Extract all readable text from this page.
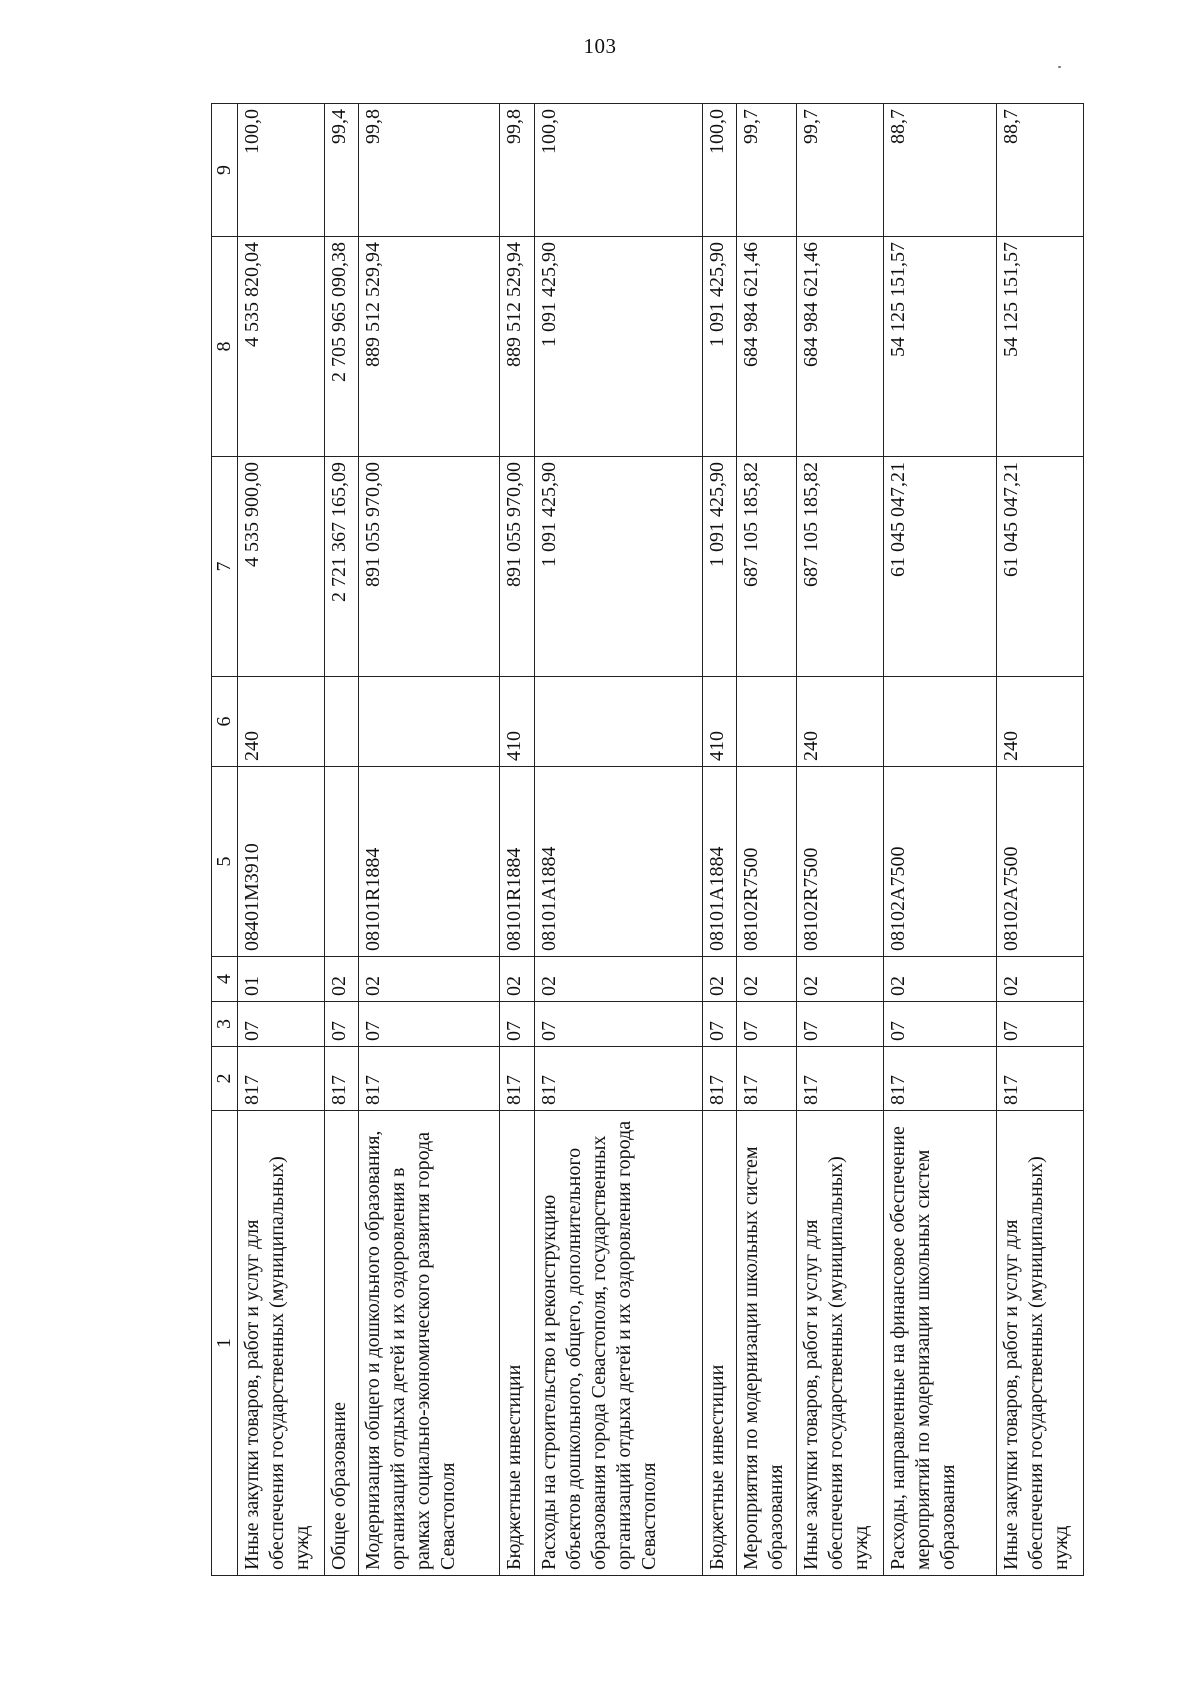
103
1	2	3	4	5	6	7	8	9
Иные закупки товаров, работ и услуг для обеспечения государственных (муниципальных) нужд	817	07	01	08401М3910	240	4 535 900,00	4 535 820,04	100,0
Общее образование	817	07	02			2 721 367 165,09	2 705 965 090,38	99,4
Модернизация общего и дошкольного образования, организаций отдыха детей и их оздоровления в рамках социально-экономического развития города Севастополя	817	07	02	08101R1884		891 055 970,00	889 512 529,94	99,8
Бюджетные инвестиции	817	07	02	08101R1884	410	891 055 970,00	889 512 529,94	99,8
Расходы на строительство и реконструкцию объектов дошкольного, общего, дополнительного образования города Севастополя, государственных организаций отдыха детей и их оздоровления города Севастополя	817	07	02	08101А1884		1 091 425,90	1 091 425,90	100,0
Бюджетные инвестиции	817	07	02	08101А1884	410	1 091 425,90	1 091 425,90	100,0
Мероприятия по модернизации школьных систем образования	817	07	02	08102R7500		687 105 185,82	684 984 621,46	99,7
Иные закупки товаров, работ и услуг для обеспечения государственных (муниципальных) нужд	817	07	02	08102R7500	240	687 105 185,82	684 984 621,46	99,7
Расходы, направленные на финансовое обеспечение мероприятий по модернизации школьных систем образования	817	07	02	08102А7500		61 045 047,21	54 125 151,57	88,7
Иные закупки товаров, работ и услуг для обеспечения государственных (муниципальных) нужд	817	07	02	08102А7500	240	61 045 047,21	54 125 151,57	88,7
